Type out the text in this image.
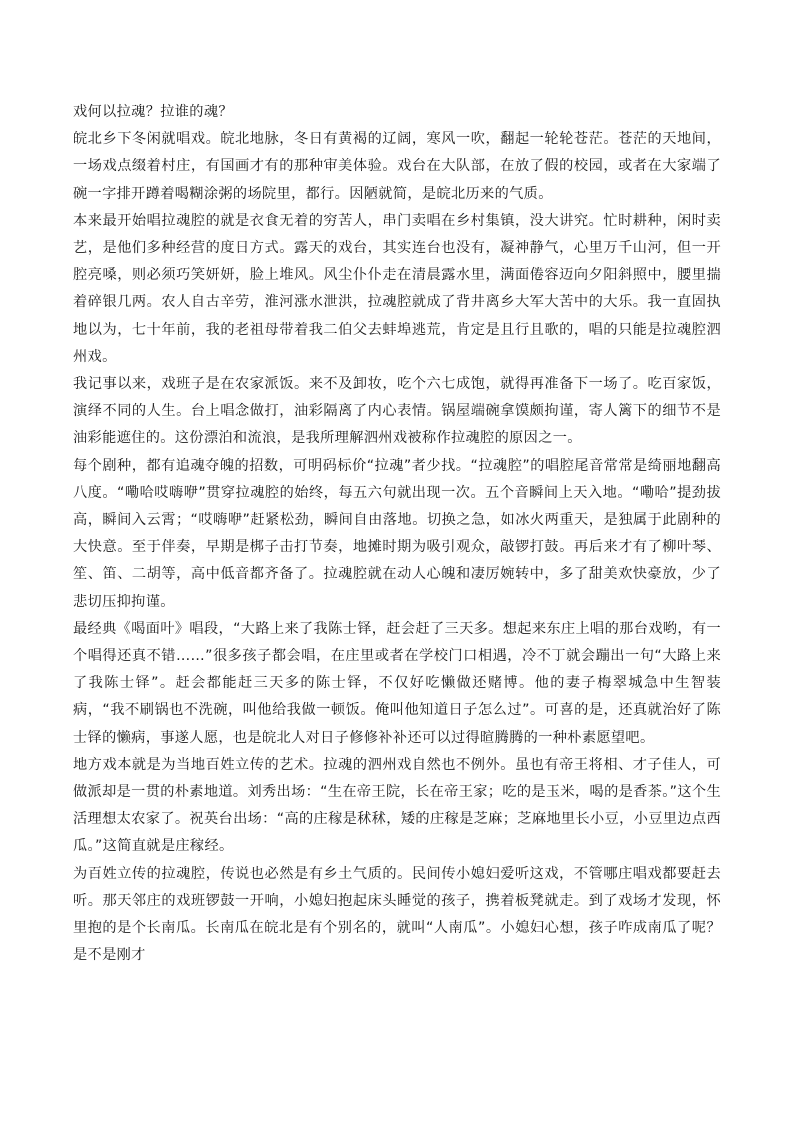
戏何以拉魂？拉谁的魂？

皖北乡下冬闲就唱戏。皖北地脉，冬日有黄褐的辽阔，寒风一吹，翻起一轮轮苍茫。苍茫的天地间，一场戏点缀着村庄，有国画才有的那种审美体验。戏台在大队部，在放了假的校园，或者在大家端了碗一字排开蹲着喝糊涂粥的场院里，都行。因陋就简，是皖北历来的气质。

本来最开始唱拉魂腔的就是衣食无着的穷苦人，串门卖唱在乡村集镇，没大讲究。忙时耕种，闲时卖艺，是他们多种经营的度日方式。露天的戏台，其实连台也没有，凝神静气，心里万千山河，但一开腔亮嗓，则必须巧笑妍妍，脸上堆风。风尘仆仆走在清晨露水里，满面倦容迈向夕阳斜照中，腰里揣着碎银几两。农人自古辛劳，淮河涨水泄洪，拉魂腔就成了背井离乡大军大苦中的大乐。我一直固执地以为，七十年前，我的老祖母带着我二伯父去蚌埠逃荒，肯定是且行且歌的，唱的只能是拉魂腔泗州戏。

我记事以来，戏班子是在农家派饭。来不及卸妆，吃个六七成饱，就得再准备下一场了。吃百家饭，演绎不同的人生。台上唱念做打，油彩隔离了内心表情。锅屋端碗拿馍颇拘谨，寄人篱下的细节不是油彩能遮住的。这份漂泊和流浪，是我所理解泗州戏被称作拉魂腔的原因之一。

每个剧种，都有追魂夺魄的招数，可明码标价“拉魂”者少找。“拉魂腔”的唱腔尾音常常是绮丽地翻高八度。“嘞哈哎嗨咿”贯穿拉魂腔的始终，每五六句就出现一次。五个音瞬间上天入地。“嘞哈”提劲拔高，瞬间入云霄；“哎嗨咿”赶紧松劲，瞬间自由落地。切换之急，如冰火两重天，是独属于此剧种的大快意。至于伴奏，早期是梆子击打节奏，地摊时期为吸引观众，敲锣打鼓。再后来才有了柳叶琴、笙、笛、二胡等，高中低音都齐备了。拉魂腔就在动人心魄和凄厉婉转中，多了甜美欢快豪放，少了悲切压抑拘谨。

最经典《喝面叶》唱段，“大路上来了我陈士铎，赶会赶了三天多。想起来东庄上唱的那台戏哟，有一个唱得还真不错……”很多孩子都会唱，在庄里或者在学校门口相遇，冷不丁就会蹦出一句“大路上来了我陈士铎”。赶会都能赶三天多的陈士铎，不仅好吃懒做还赌博。他的妻子梅翠城急中生智装病，“我不刷锅也不洗碗，叫他给我做一顿饭。俺叫他知道日子怎么过”。可喜的是，还真就治好了陈士铎的懒病，事遂人愿，也是皖北人对日子修修补补还可以过得暄腾腾的一种朴素愿望吧。

地方戏本就是为当地百姓立传的艺术。拉魂的泗州戏自然也不例外。虽也有帝王将相、才子佳人，可做派却是一贯的朴素地道。刘秀出场：“生在帝王院，长在帝王家；吃的是玉米，喝的是香茶。”这个生活理想太农家了。祝英台出场：“高的庄稼是秫秫，矮的庄稼是芝麻；芝麻地里长小豆，小豆里边点西瓜。”这简直就是庄稼经。

为百姓立传的拉魂腔，传说也必然是有乡土气质的。民间传小媳妇爱听这戏，不管哪庄唱戏都要赶去听。那天邻庄的戏班锣鼓一开响，小媳妇抱起床头睡觉的孩子，携着板凳就走。到了戏场才发现，怀里抱的是个长南瓜。长南瓜在皖北是有个别名的，就叫“人南瓜”。小媳妇心想，孩子咋成南瓜了呢？是不是刚才
